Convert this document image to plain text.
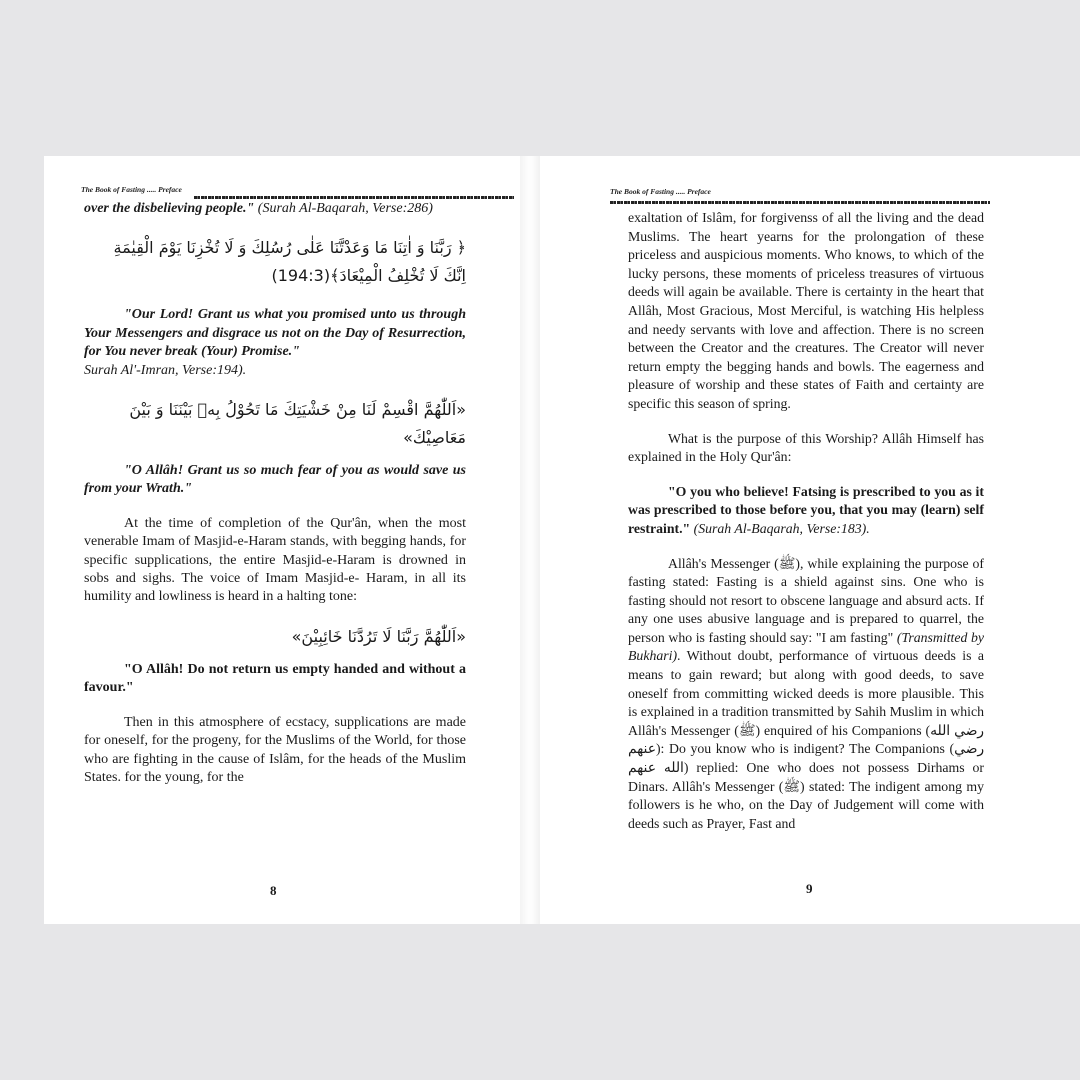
The Book of Fasting ..... Preface

over the disbelieving people." (Surah Al-Baqarah, Verse:286)

﴿ رَبَّنَا وَ اٰتِنَا مَا وَعَدْتَّنَا عَلٰى رُسُلِكَ وَ لَا تُخْزِنَا يَوْمَ الْقِيٰمَةِ

اِنَّكَ لَا تُخْلِفُ الْمِيْعَادَ﴾(194:3)

"Our Lord! Grant us what you promised unto us through Your Messengers and disgrace us not on the Day of Resurrection, for You never break (Your) Promise."

Surah Al'-Imran, Verse:194).

«اَللّٰهُمَّ اقْسِمْ لَنَا مِنْ خَشْيَتِكَ مَا تَحُوْلُ بِهٖ بَيْنَنَا وَ بَيْنَ مَعَاصِيْكَ»

"O Allâh! Grant us so much fear of you as would save us from your Wrath."

At the time of completion of the Qur'ân, when the most venerable Imam of Masjid-e-Haram stands, with begging hands, for specific supplications, the entire Masjid-e-Haram is drowned in sobs and sighs. The voice of Imam Masjid-e- Haram, in all its humility and lowliness is heard in a halting tone:

«اَللّٰهُمَّ رَبَّنَا لَا تَرُدَّنَا خَائِبِيْنَ»

"O Allâh! Do not return us empty handed and without a favour."

Then in this atmosphere of ecstacy, supplications are made for oneself, for the progeny, for the Muslims of the World, for those who are fighting in the cause of Islâm, for the heads of the Muslim States. for the young, for the

8
The Book of Fasting ..... Preface

exaltation of Islâm, for forgivenss of all the living and the dead Muslims. The heart yearns for the prolongation of these priceless and auspicious moments. Who knows, to which of the lucky persons, these moments of priceless treasures of virtuous deeds will again be available. There is certainty in the heart that Allâh, Most Gracious, Most Merciful, is watching His helpless and needy servants with love and affection. There is no screen between the Creator and the creatures. The Creator will never return empty the begging hands and bowls. The eagerness and pleasure of worship and these states of Faith and certainty are specific this season of spring.

What is the purpose of this Worship? Allâh Himself has explained in the Holy Qur'ân:

"O you who believe! Fatsing is prescribed to you as it was prescribed to those before you, that you may (learn) self restraint." (Surah Al-Baqarah, Verse:183).

Allâh's Messenger (ﷺ), while explaining the purpose of fasting stated: Fasting is a shield against sins. One who is fasting should not resort to obscene language and absurd acts. If any one uses abusive language and is prepared to quarrel, the person who is fasting should say: "I am fasting" (Transmitted by Bukhari). Without doubt, performance of virtuous deeds is a means to gain reward; but along with good deeds, to save oneself from committing wicked deeds is more plausible. This is explained in a tradition transmitted by Sahih Muslim in which Allâh's Messenger (ﷺ) enquired of his Companions (رضي الله عنهم): Do you know who is indigent? The Companions (رضي الله عنهم) replied: One who does not possess Dirhams or Dinars. Allâh's Messenger (ﷺ) stated: The indigent among my followers is he who, on the Day of Judgement will come with deeds such as Prayer, Fast and

9
